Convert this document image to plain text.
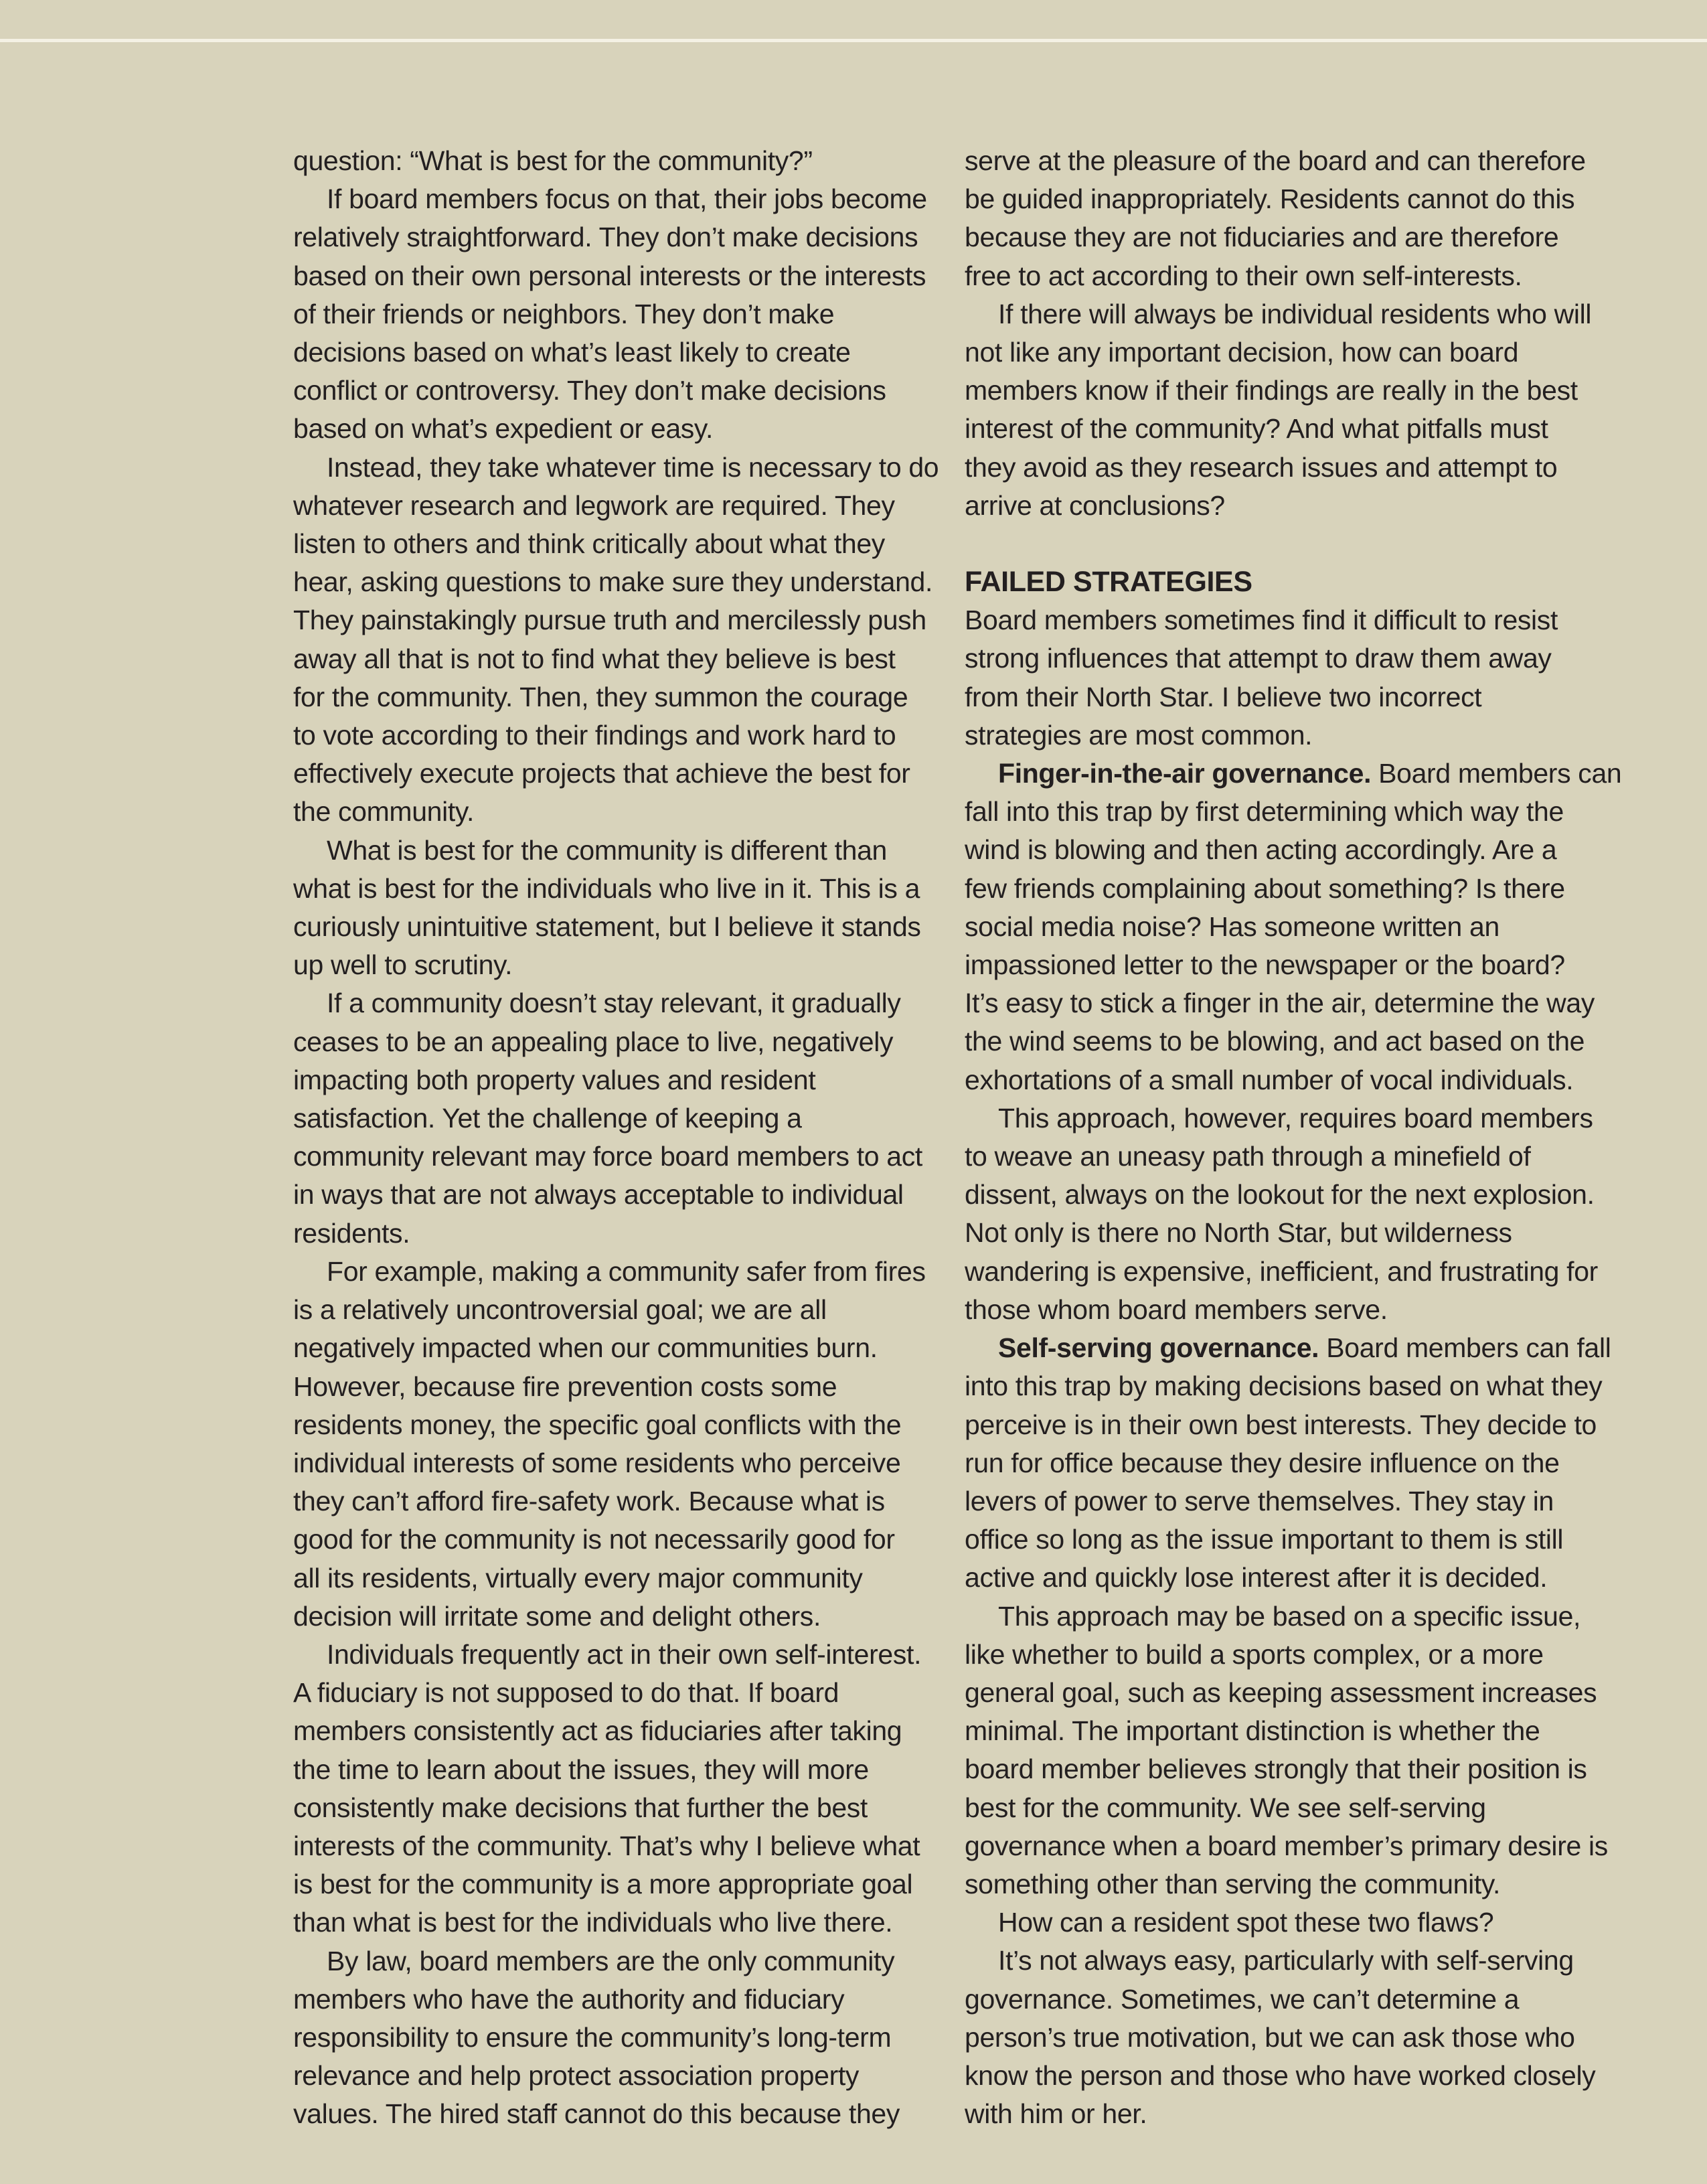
question: “What is best for the community?”

If board members focus on that, their jobs become
relatively straightforward. They don’t make decisions
based on their own personal interests or the interests
of their friends or neighbors. They don’t make
decisions based on what’s least likely to create
conflict or controversy. They don’t make decisions
based on what’s expedient or easy.

Instead, they take whatever time is necessary to do
whatever research and legwork are required. They
listen to others and think critically about what they
hear, asking questions to make sure they understand.
They painstakingly pursue truth and mercilessly push
away all that is not to find what they believe is best
for the community. Then, they summon the courage
to vote according to their findings and work hard to
effectively execute projects that achieve the best for
the community.

What is best for the community is different than
what is best for the individuals who live in it. This is a
curiously unintuitive statement, but I believe it stands
up well to scrutiny.

If a community doesn’t stay relevant, it gradually
ceases to be an appealing place to live, negatively
impacting both property values and resident
satisfaction. Yet the challenge of keeping a
community relevant may force board members to act
in ways that are not always acceptable to individual
residents.

For example, making a community safer from fires
is a relatively uncontroversial goal; we are all
negatively impacted when our communities burn.
However, because fire prevention costs some
residents money, the specific goal conflicts with the
individual interests of some residents who perceive
they can’t afford fire-safety work. Because what is
good for the community is not necessarily good for
all its residents, virtually every major community
decision will irritate some and delight others.

Individuals frequently act in their own self-interest.
A fiduciary is not supposed to do that. If board
members consistently act as fiduciaries after taking
the time to learn about the issues, they will more
consistently make decisions that further the best
interests of the community. That’s why I believe what
is best for the community is a more appropriate goal
than what is best for the individuals who live there.

By law, board members are the only community
members who have the authority and fiduciary
responsibility to ensure the community’s long-term
relevance and help protect association property
values. The hired staff cannot do this because they

serve at the pleasure of the board and can therefore
be guided inappropriately. Residents cannot do this
because they are not fiduciaries and are therefore
free to act according to their own self-interests.

If there will always be individual residents who will
not like any important decision, how can board
members know if their findings are really in the best
interest of the community? And what pitfalls must
they avoid as they research issues and attempt to
arrive at conclusions?

FAILED STRATEGIES

Board members sometimes find it difficult to resist
strong influences that attempt to draw them away
from their North Star. I believe two incorrect
strategies are most common.

Finger-in-the-air governance. Board members can
fall into this trap by first determining which way the
wind is blowing and then acting accordingly. Are a
few friends complaining about something? Is there
social media noise? Has someone written an
impassioned letter to the newspaper or the board?
It’s easy to stick a finger in the air, determine the way
the wind seems to be blowing, and act based on the
exhortations of a small number of vocal individuals.

This approach, however, requires board members
to weave an uneasy path through a minefield of
dissent, always on the lookout for the next explosion.
Not only is there no North Star, but wilderness
wandering is expensive, inefficient, and frustrating for
those whom board members serve.

Self-serving governance. Board members can fall
into this trap by making decisions based on what they
perceive is in their own best interests. They decide to
run for office because they desire influence on the
levers of power to serve themselves. They stay in
office so long as the issue important to them is still
active and quickly lose interest after it is decided.

This approach may be based on a specific issue,
like whether to build a sports complex, or a more
general goal, such as keeping assessment increases
minimal. The important distinction is whether the
board member believes strongly that their position is
best for the community. We see self-serving
governance when a board member’s primary desire is
something other than serving the community.

How can a resident spot these two flaws?

It’s not always easy, particularly with self-serving
governance. Sometimes, we can’t determine a
person’s true motivation, but we can ask those who
know the person and those who have worked closely
with him or her.
